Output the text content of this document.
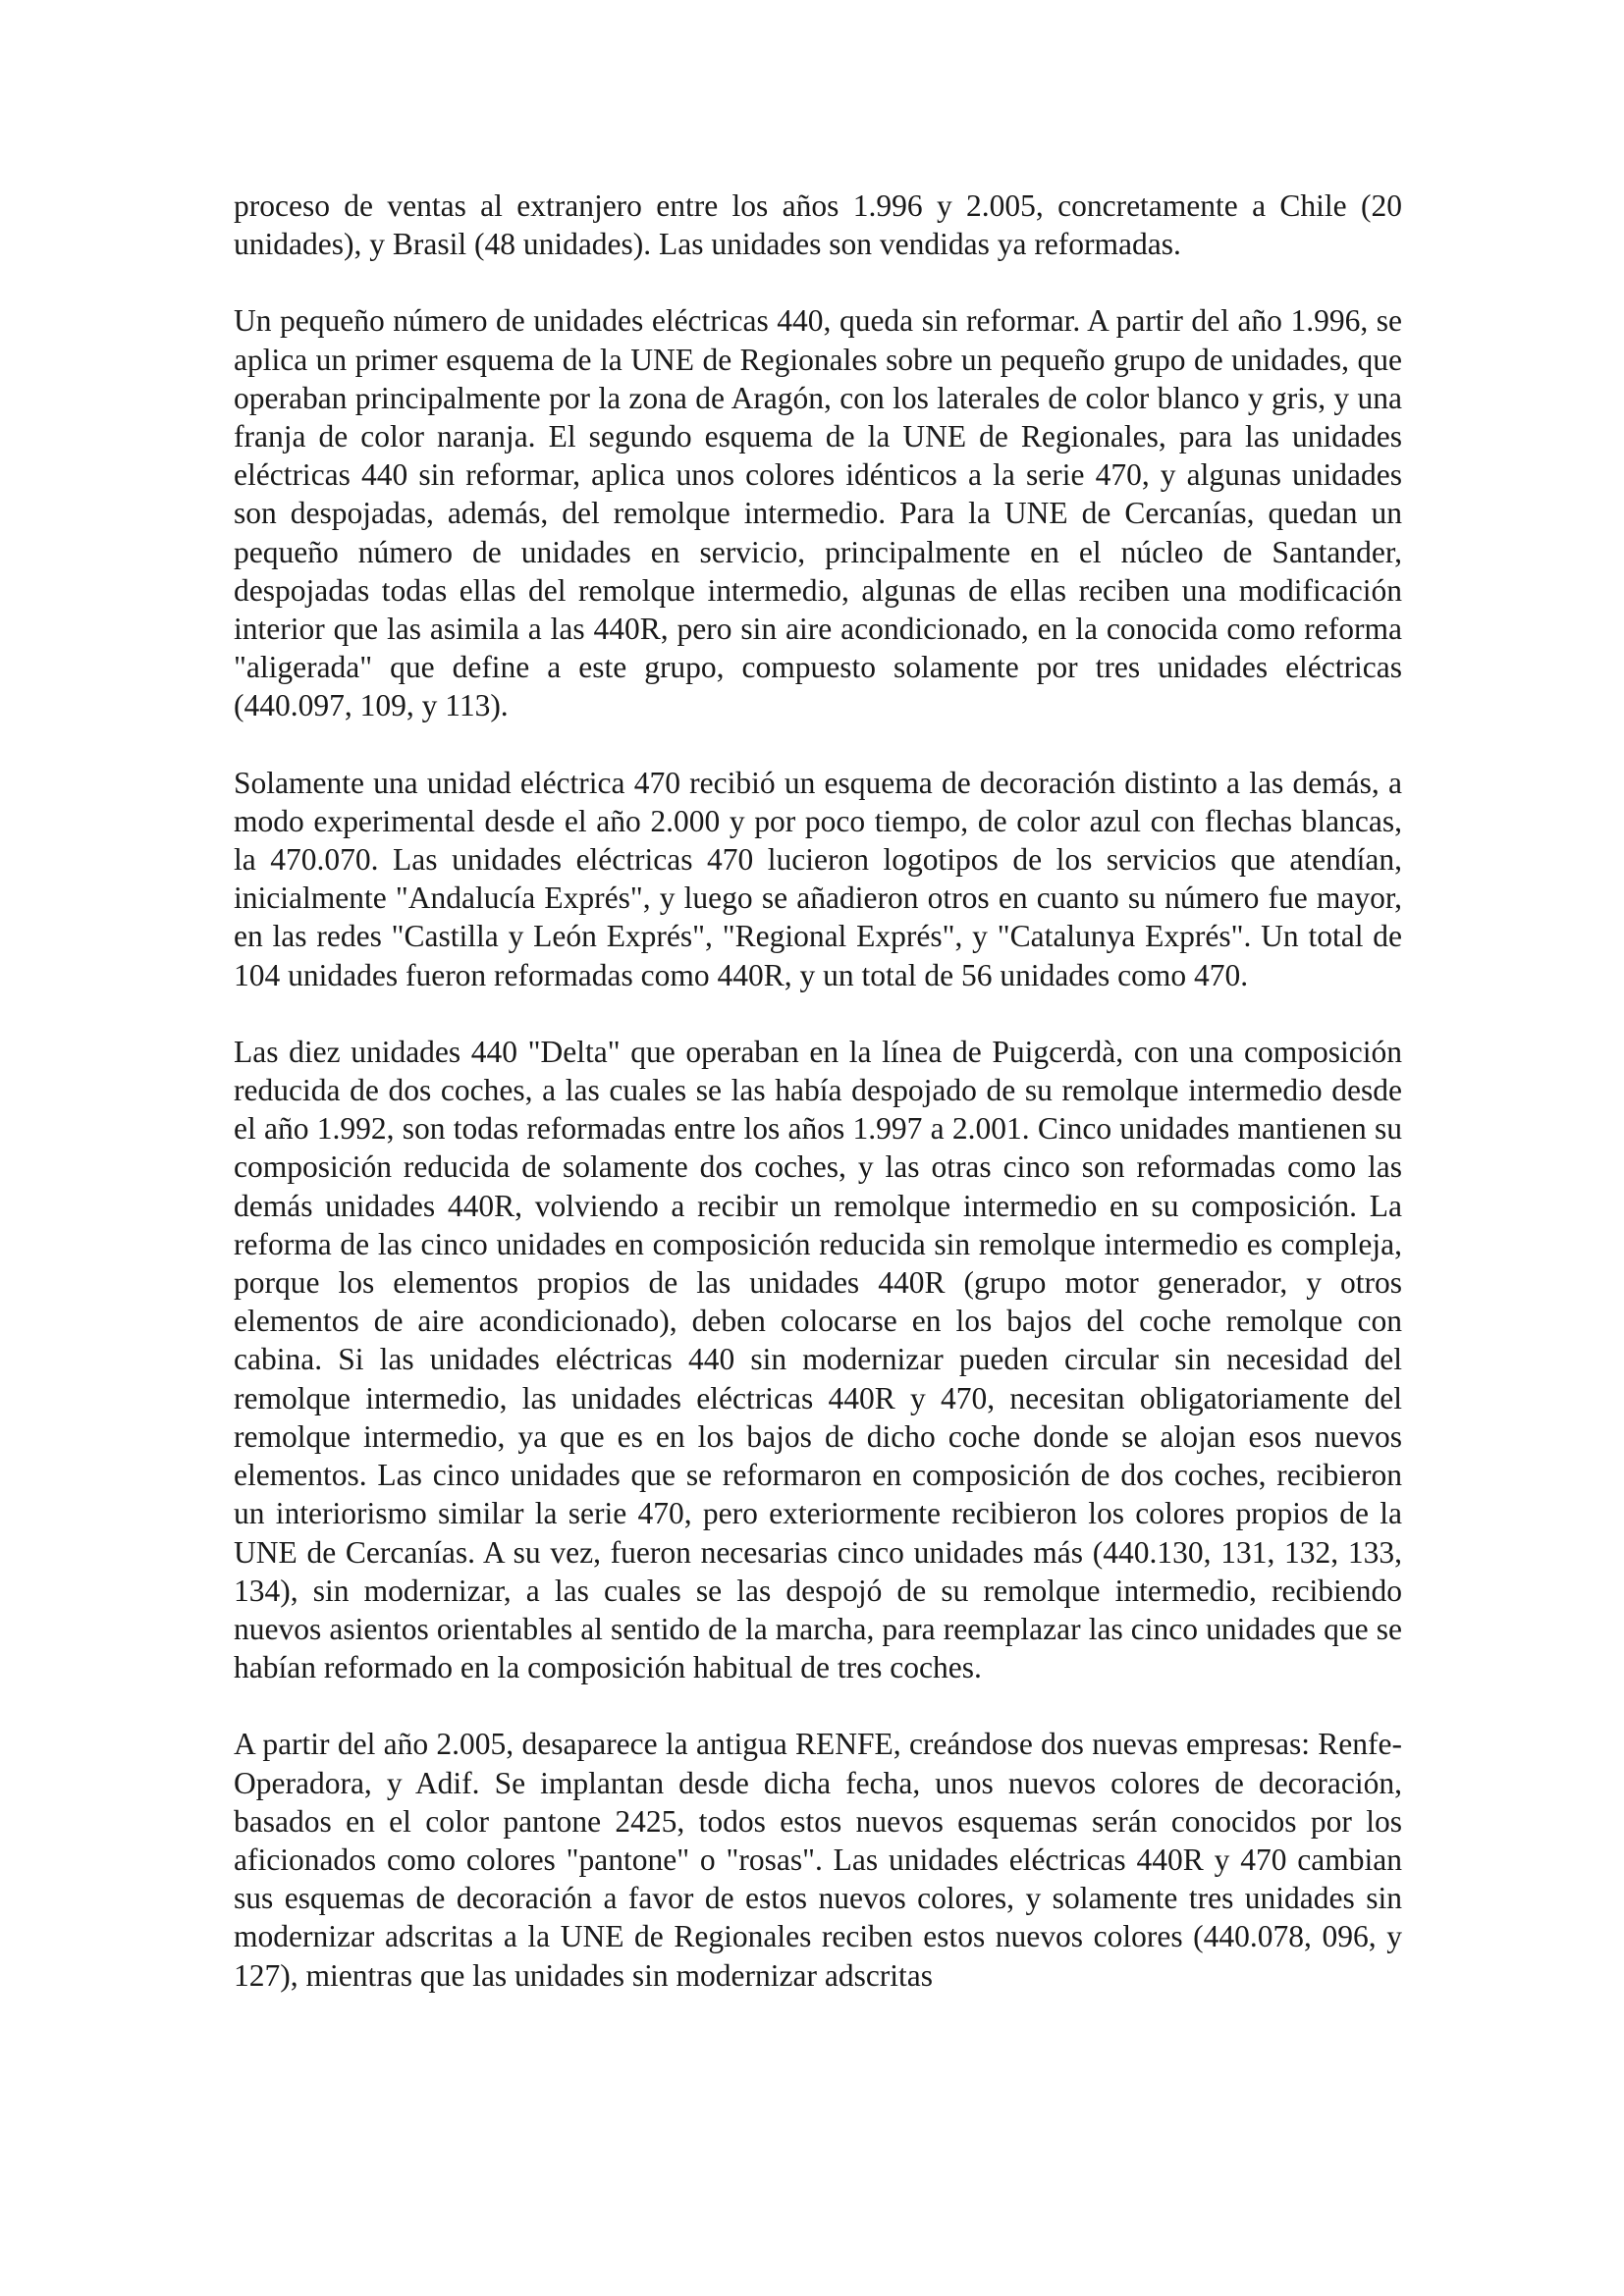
proceso de ventas al extranjero entre los años 1.996 y 2.005, concretamente a Chile (20 unidades), y Brasil (48 unidades). Las unidades son vendidas ya reformadas.

Un pequeño número de unidades eléctricas 440, queda sin reformar. A partir del año 1.996, se aplica un primer esquema de la UNE de Regionales sobre un pequeño grupo de unidades, que operaban principalmente por la zona de Aragón, con los laterales de color blanco y gris, y una franja de color naranja. El segundo esquema de la UNE de Regionales, para las unidades eléctricas 440 sin reformar, aplica unos colores idénticos a la serie 470, y algunas unidades son despojadas, además, del remolque intermedio. Para la UNE de Cercanías, quedan un pequeño número de unidades en servicio, principalmente en el núcleo de Santander, despojadas todas ellas del remolque intermedio, algunas de ellas reciben una modificación interior que las asimila a las 440R, pero sin aire acondicionado, en la conocida como reforma "aligerada" que define a este grupo, compuesto solamente por tres unidades eléctricas (440.097, 109, y 113).

Solamente una unidad eléctrica 470 recibió un esquema de decoración distinto a las demás, a modo experimental desde el año 2.000 y por poco tiempo, de color azul con flechas blancas, la 470.070. Las unidades eléctricas 470 lucieron logotipos de los servicios que atendían, inicialmente "Andalucía Exprés", y luego se añadieron otros en cuanto su número fue mayor, en las redes "Castilla y León Exprés", "Regional Exprés", y "Catalunya Exprés". Un total de 104 unidades fueron reformadas como 440R, y un total de 56 unidades como 470.

Las diez unidades 440 "Delta" que operaban en la línea de Puigcerdà, con una composición reducida de dos coches, a las cuales se las había despojado de su remolque intermedio desde el año 1.992, son todas reformadas entre los años 1.997 a 2.001. Cinco unidades mantienen su composición reducida de solamente dos coches, y las otras cinco son reformadas como las demás unidades 440R, volviendo a recibir un remolque intermedio en su composición. La reforma de las cinco unidades en composición reducida sin remolque intermedio es compleja, porque los elementos propios de las unidades 440R (grupo motor generador, y otros elementos de aire acondicionado), deben colocarse en los bajos del coche remolque con cabina. Si las unidades eléctricas 440 sin modernizar pueden circular sin necesidad del remolque intermedio, las unidades eléctricas 440R y 470, necesitan obligatoriamente del remolque intermedio, ya que es en los bajos de dicho coche donde se alojan esos nuevos elementos. Las cinco unidades que se reformaron en composición de dos coches, recibieron un interiorismo similar la serie 470, pero exteriormente recibieron los colores propios de la UNE de Cercanías. A su vez, fueron necesarias cinco unidades más (440.130, 131, 132, 133, 134), sin modernizar, a las cuales se las despojó de su remolque intermedio, recibiendo nuevos asientos orientables al sentido de la marcha, para reemplazar las cinco unidades que se habían reformado en la composición habitual de tres coches.

A partir del año 2.005, desaparece la antigua RENFE, creándose dos nuevas empresas: Renfe-Operadora, y Adif. Se implantan desde dicha fecha, unos nuevos colores de decoración, basados en el color pantone 2425, todos estos nuevos esquemas serán conocidos por los aficionados como colores "pantone" o "rosas". Las unidades eléctricas 440R y 470 cambian sus esquemas de decoración a favor de estos nuevos colores, y solamente tres unidades sin modernizar adscritas a la UNE de Regionales reciben estos nuevos colores (440.078, 096, y 127), mientras que las unidades sin modernizar adscritas
